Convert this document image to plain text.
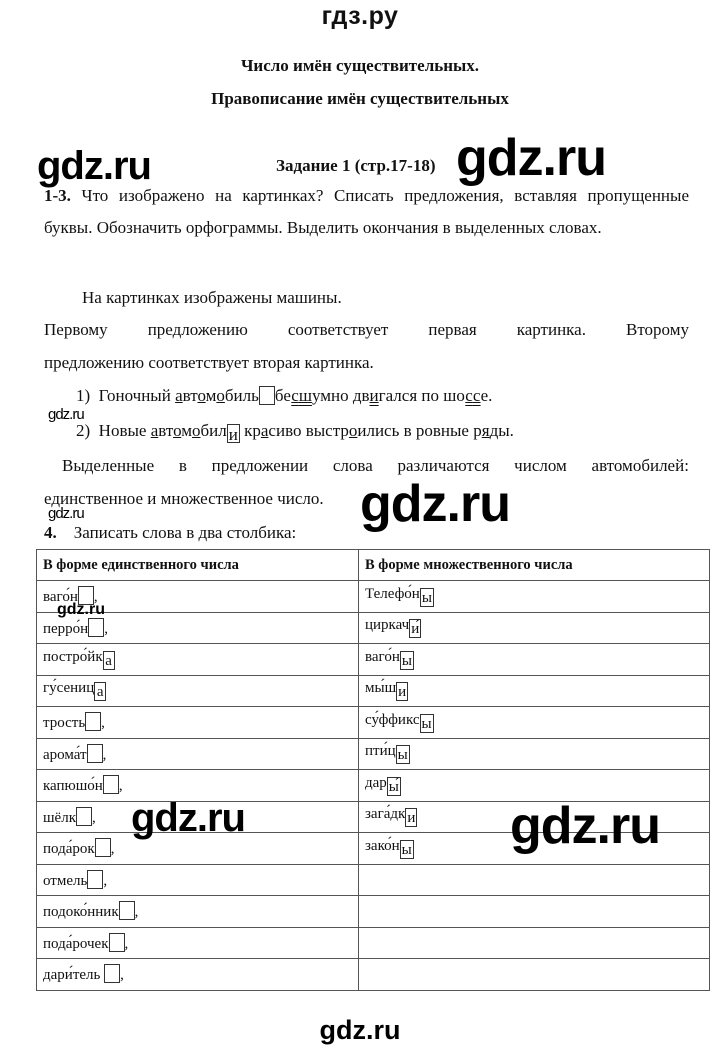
гдз.ру
Число имён существительных.
Правописание имён существительных
gdz.ru	Задание 1 (стр.17-18) gdz.ru
1-3. Что изображено на картинках? Списать предложения, вставляя пропущенные буквы. Обозначить орфограммы. Выделить окончания в выделенных словах.
На картинках изображены машины.
Первому предложению соответствует первая картинка. Второму
предложению соответствует вторая картинка.
1) Гоночный автомобиль бесшумно двигался по шоссе.
gdz.ru
2) Новые автомобил и красиво выстроились в ровные ряды.
Выделенные в предложении слова различаются числом автомобилей:
единственное и множественное число. gdz.ru
gdz.ru
4. Записать слова в два столбика:
В форме единственного числа	В форме множественного числа
ваго́н ,	Телефо́н ы
перро́н ,	циркач и́
постро́йк а	ваго́н ы
гу́сениц а	мы́ш и
трость ,	су́ффикс ы
арома́т ,	пти́ц ы
капюшо́н ,	дар ы́
шёлк ,	зага́дк и
пода́рок ,	зако́н ы
отмель ,	
подоко́нник ,	
пода́рочек ,	
дари́тель ,	
gdz.ru
gdz.ru	gdz.ru
gdz.ru
